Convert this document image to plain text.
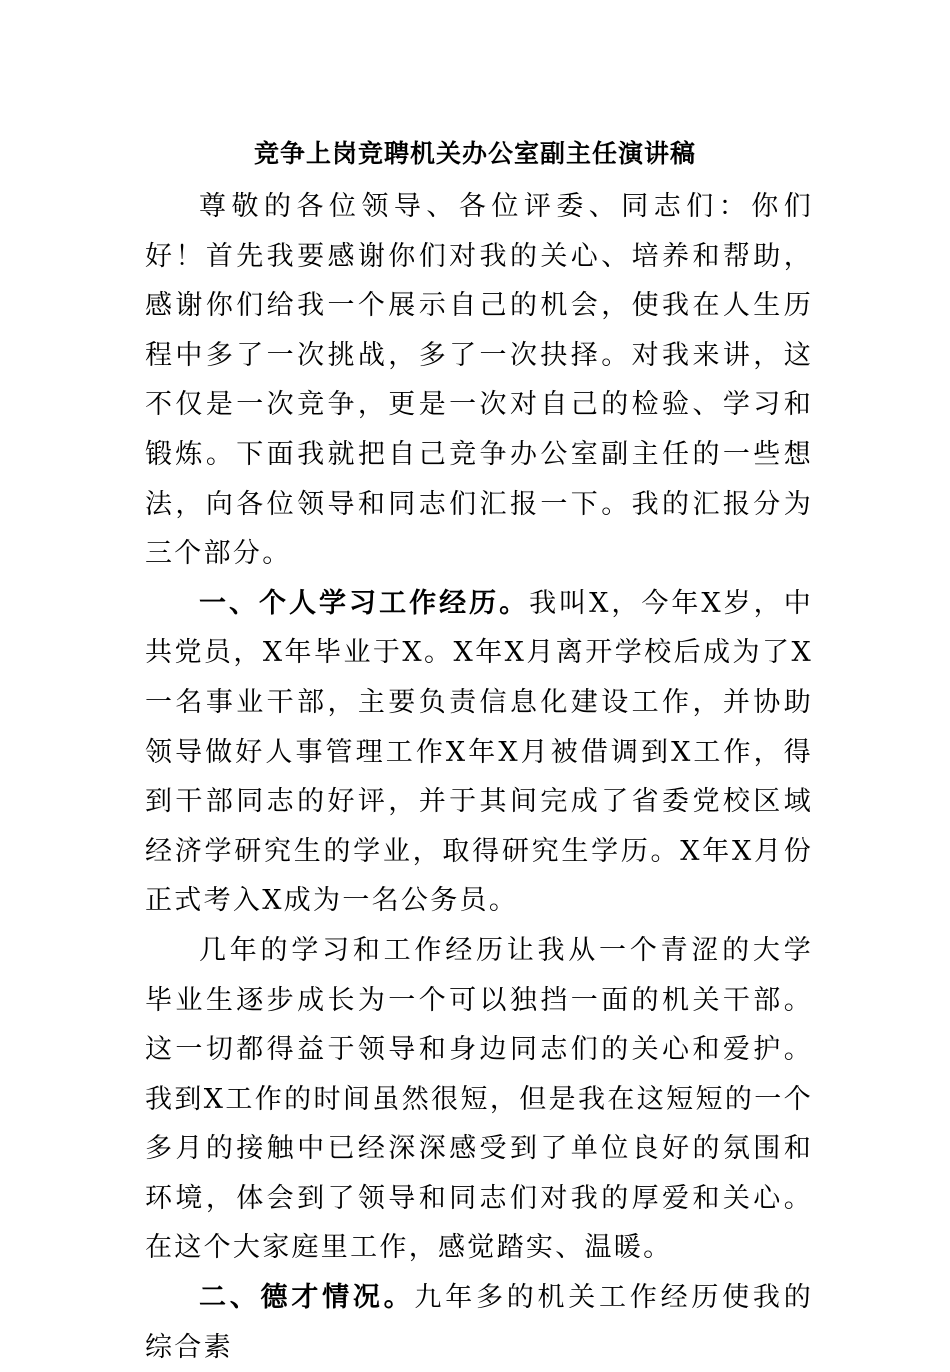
竞争上岗竞聘机关办公室副主任演讲稿

尊敬的各位领导、各位评委、同志们：你们好！首先我要感谢你们对我的关心、培养和帮助，感谢你们给我一个展示自己的机会，使我在人生历程中多了一次挑战，多了一次抉择。对我来讲，这不仅是一次竞争，更是一次对自己的检验、学习和锻炼。下面我就把自己竞争办公室副主任的一些想法，向各位领导和同志们汇报一下。我的汇报分为三个部分。

一、个人学习工作经历。我叫X，今年X岁，中共党员，X年毕业于X。X年X月离开学校后成为了X一名事业干部，主要负责信息化建设工作，并协助领导做好人事管理工作X年X月被借调到X工作，得到干部同志的好评，并于其间完成了省委党校区域经济学研究生的学业，取得研究生学历。X年X月份正式考入X成为一名公务员。

几年的学习和工作经历让我从一个青涩的大学毕业生逐步成长为一个可以独挡一面的机关干部。这一切都得益于领导和身边同志们的关心和爱护。我到X工作的时间虽然很短，但是我在这短短的一个多月的接触中已经深深感受到了单位良好的氛围和环境，体会到了领导和同志们对我的厚爱和关心。在这个大家庭里工作，感觉踏实、温暖。

二、德才情况。九年多的机关工作经历使我的综合素
